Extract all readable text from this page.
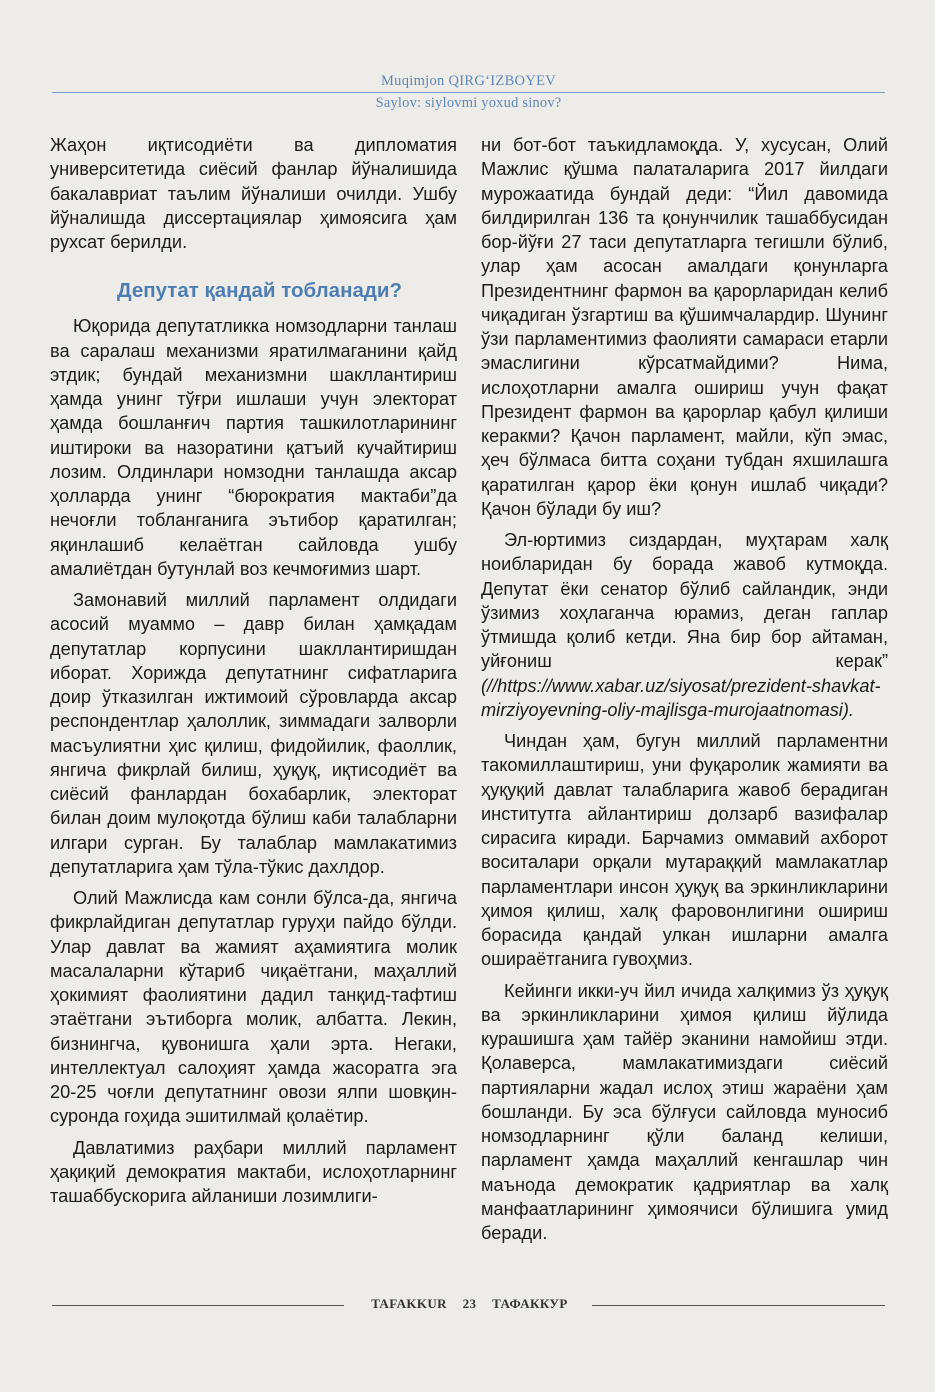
Muqimjon QIRG‘IZBOYEV
Saylov: siylovmi yoxud sinov?

Жаҳон иқтисодиёти ва дипломатия университетида сиёсий фанлар йўналишида бакалавриат таълим йўналиши очилди. Ушбу йўналишда диссертациялар ҳимоясига ҳам рухсат берилди.

Депутат қандай тобланади?

Юқорида депутатликка номзодларни танлаш ва саралаш механизми яратилмаганини қайд этдик; бундай механизмни шакллантириш ҳамда унинг тўғри ишлаши учун электорат ҳамда бошланғич партия ташкилотларининг иштироки ва назоратини қатъий кучайтириш лозим. Олдинлари номзодни танлашда аксар ҳолларда унинг “бюрократия мактаби”да нечоғли тобланганига эътибор қаратилган; яқинлашиб келаётган сайловда ушбу амалиётдан бутунлай воз кечмоғимиз шарт.

Замонавий миллий парламент олдидаги асосий муаммо – давр билан ҳамқадам депутатлар корпусини шакллантиришдан иборат. Хорижда депутатнинг сифатларига доир ўтказилган ижтимоий сўровларда аксар респондентлар ҳалоллик, зиммадаги залворли масъулиятни ҳис қилиш, фидойилик, фаоллик, янгича фикрлай билиш, ҳуқуқ, иқтисодиёт ва сиёсий фанлардан бохабарлик, электорат билан доим мулоқотда бўлиш каби талабларни илгари сурган. Бу талаблар мамлакатимиз депутатларига ҳам тўла-тўкис дахлдор.

Олий Мажлисда кам сонли бўлса-да, янгича фикрлайдиган депутатлар гуруҳи пайдо бўлди. Улар давлат ва жамият аҳамиятига молик масалаларни кўтариб чиқаётгани, маҳаллий ҳокимият фаолиятини дадил танқид-тафтиш этаётгани эътиборга молик, албатта. Лекин, бизнингча, қувонишга ҳали эрта. Негаки, интеллектуал салоҳият ҳамда жасоратга эга 20-25 чоғли депутатнинг овози ялпи шовқин-суронда гоҳида эшитилмай қолаётир.

Давлатимиз раҳбари миллий парламент ҳақиқий демократия мактаби, ислоҳотларнинг ташаббускорига айланиши лозимлиги-

ни бот-бот таъкидламоқда. У, хусусан, Олий Мажлис қўшма палаталарига 2017 йилдаги мурожаатида бундай деди: “Йил давомида билдирилган 136 та қонунчилик ташаббусидан бор-йўғи 27 таси депутатларга тегишли бўлиб, улар ҳам асосан амалдаги қонунларга Президентнинг фармон ва қарорларидан келиб чиқадиган ўзгартиш ва қўшимчалардир. Шунинг ўзи парламентимиз фаолияти самараси етарли эмаслигини кўрсатмайдими? Нима, ислоҳотларни амалга ошириш учун фақат Президент фармон ва қарорлар қабул қилиши керакми? Қачон парламент, майли, кўп эмас, ҳеч бўлмаса битта соҳани тубдан яхшилашга қаратилган қарор ёки қонун ишлаб чиқади? Қачон бўлади бу иш?

Эл-юртимиз сиздардан, муҳтарам халқ ноибларидан бу борада жавоб кутмоқда. Депутат ёки сенатор бўлиб сайландик, энди ўзимиз хоҳлаганча юрамиз, деган гаплар ўтмишда қолиб кетди. Яна бир бор айтаман, уйғониш керак” (//https://www.xabar.uz/siyosat/prezident-shavkat-mirziyoyevning-oliy-majlisga-murojaatnomasi).

Чиндан ҳам, бугун миллий парламентни такомиллаштириш, уни фуқаролик жамияти ва ҳуқуқий давлат талабларига жавоб берадиган институтга айлантириш долзарб вазифалар сирасига киради. Барчамиз оммавий ахборот воситалари орқали мутараққий мамлакатлар парламентлари инсон ҳуқуқ ва эркинликларини ҳимоя қилиш, халқ фаровонлигини ошириш борасида қандай улкан ишларни амалга ошираётганига гувоҳмиз.

Кейинги икки-уч йил ичида халқимиз ўз ҳуқуқ ва эркинликларини ҳимоя қилиш йўлида курашишга ҳам тайёр эканини намойиш этди. Қолаверса, мамлакатимиздаги сиёсий партияларни жадал ислоҳ этиш жараёни ҳам бошланди. Бу эса бўлғуси сайловда муносиб номзодларнинг қўли баланд келиши, парламент ҳамда маҳаллий кенгашлар чин маънода демократик қадриятлар ва халқ манфаатларининг ҳимоячиси бўлишига умид беради.

TAFAKKUR 23 ТАФАККУР
